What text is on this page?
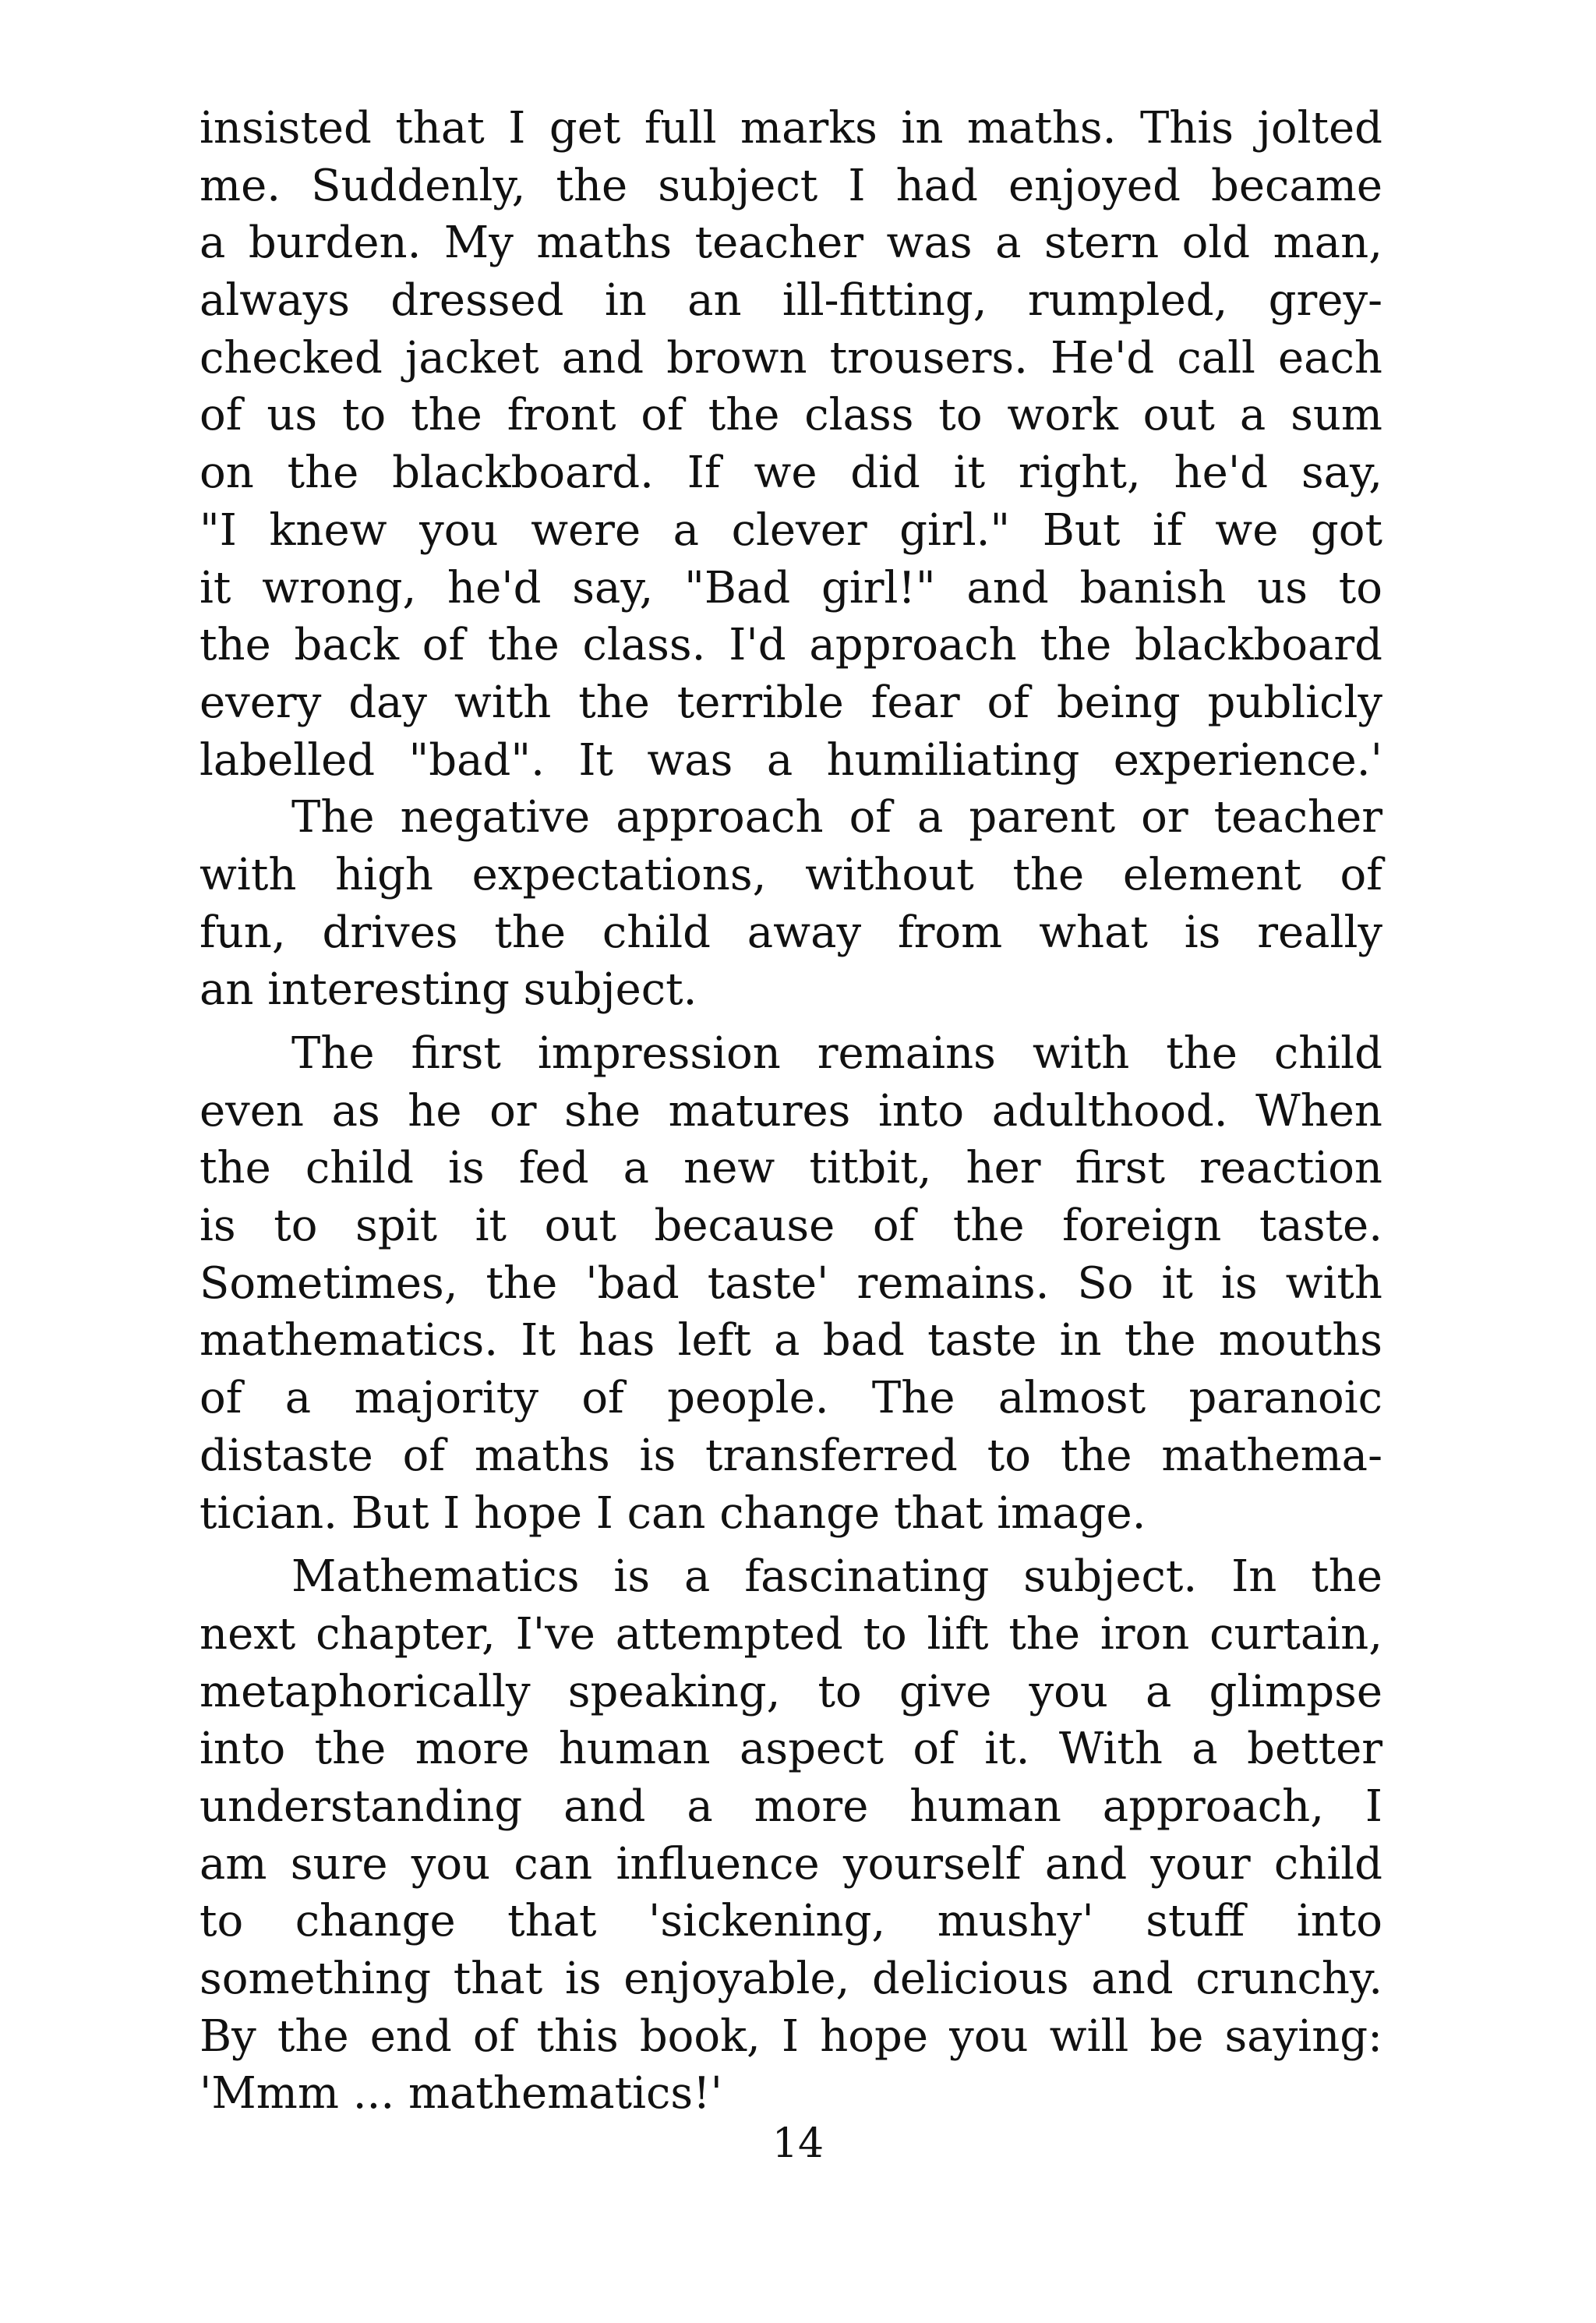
insisted that I get full marks in maths. This jolted
me. Suddenly, the subject I had enjoyed became
a burden. My maths teacher was a stern old man,
always dressed in an ill-fitting, rumpled, grey-
checked jacket and brown trousers. He'd call each
of us to the front of the class to work out a sum
on the blackboard. If we did it right, he'd say,
"I knew you were a clever girl." But if we got
it wrong, he'd say, "Bad girl!" and banish us to
the back of the class. I'd approach the blackboard
every day with the terrible fear of being publicly
labelled "bad". It was a humiliating experience.'
The negative approach of a parent or teacher
with high expectations, without the element of
fun, drives the child away from what is really
an interesting subject.
The first impression remains with the child
even as he or she matures into adulthood. When
the child is fed a new titbit, her first reaction
is to spit it out because of the foreign taste.
Sometimes, the 'bad taste' remains. So it is with
mathematics. It has left a bad taste in the mouths
of a majority of people. The almost paranoic
distaste of maths is transferred to the mathema-
tician. But I hope I can change that image.
Mathematics is a fascinating subject. In the
next chapter, I've attempted to lift the iron curtain,
metaphorically speaking, to give you a glimpse
into the more human aspect of it. With a better
understanding and a more human approach, I
am sure you can influence yourself and your child
to change that 'sickening, mushy' stuff into
something that is enjoyable, delicious and crunchy.
By the end of this book, I hope you will be saying:
'Mmm ... mathematics!'
14
